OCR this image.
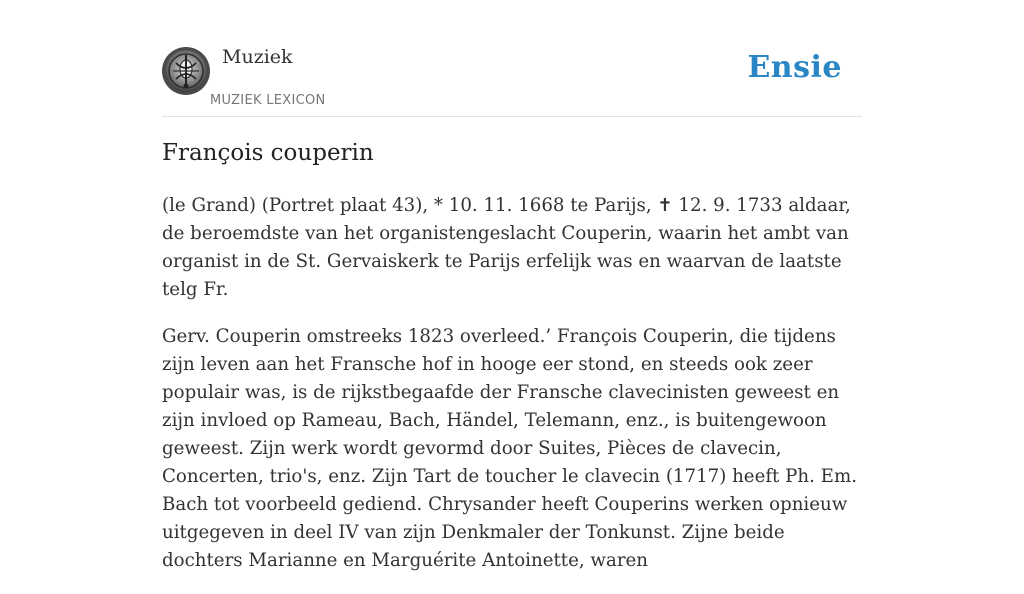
Muziek
MUZIEK LEXICON
Ensie
François couperin

(le Grand) (Portret plaat 43), * 10. 11. 1668 te Parijs, ✝ 12. 9. 1733 aldaar, de beroemdste van het organistengeslacht Couperin, waarin het ambt van organist in de St. Gervaiskerk te Parijs erfelijk was en waarvan de laatste telg Fr.

Gerv. Couperin omstreeks 1823 overleed.’ François Couperin, die tijdens zijn leven aan het Fransche hof in hooge eer stond, en steeds ook zeer populair was, is de rijkstbegaafde der Fransche clavecinisten geweest en zijn invloed op Rameau, Bach, Händel, Telemann, enz., is buitengewoon geweest. Zijn werk wordt gevormd door Suites, Pièces de clavecin, Concerten, trio's, enz. Zijn Tart de toucher le clavecin (1717) heeft Ph. Em. Bach tot voorbeeld gediend. Chrysander heeft Couperins werken opnieuw uitgegeven in deel IV van zijn Denkmaler der Tonkunst. Zijne beide dochters Marianne en Marguérite Antoinette, waren
